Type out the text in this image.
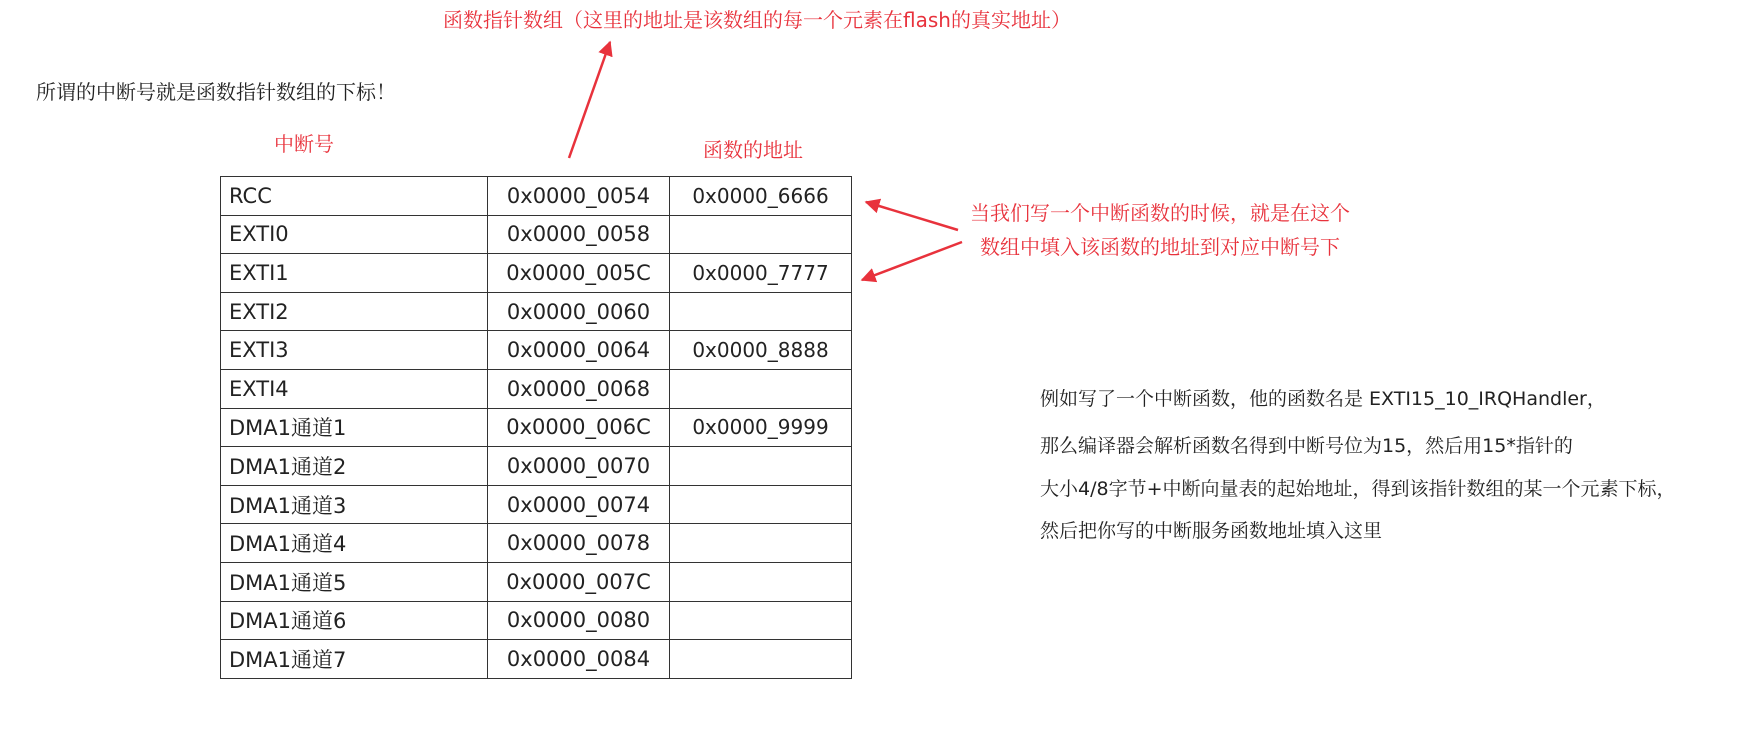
函数指针数组（这里的地址是该数组的每一个元素在flash的真实地址）
所谓的中断号就是函数指针数组的下标！
中断号	函数的地址
RCC	0x0000_0054	0x0000_6666
EXTI0	0x0000_0058	
EXTI1	0x0000_005C	0x0000_7777
EXTI2	0x0000_0060	
EXTI3	0x0000_0064	0x0000_8888
EXTI4	0x0000_0068	
DMA1通道1	0x0000_006C	0x0000_9999
DMA1通道2	0x0000_0070	
DMA1通道3	0x0000_0074	
DMA1通道4	0x0000_0078	
DMA1通道5	0x0000_007C	
DMA1通道6	0x0000_0080	
DMA1通道7	0x0000_0084	
当我们写一个中断函数的时候，就是在这个
数组中填入该函数的地址到对应中断号下
例如写了一个中断函数，他的函数名是 EXTI15_10_IRQHandler，
那么编译器会解析函数名得到中断号位为15，然后用15*指针的
大小4/8字节+中断向量表的起始地址，得到该指针数组的某一个元素下标，
然后把你写的中断服务函数地址填入这里
